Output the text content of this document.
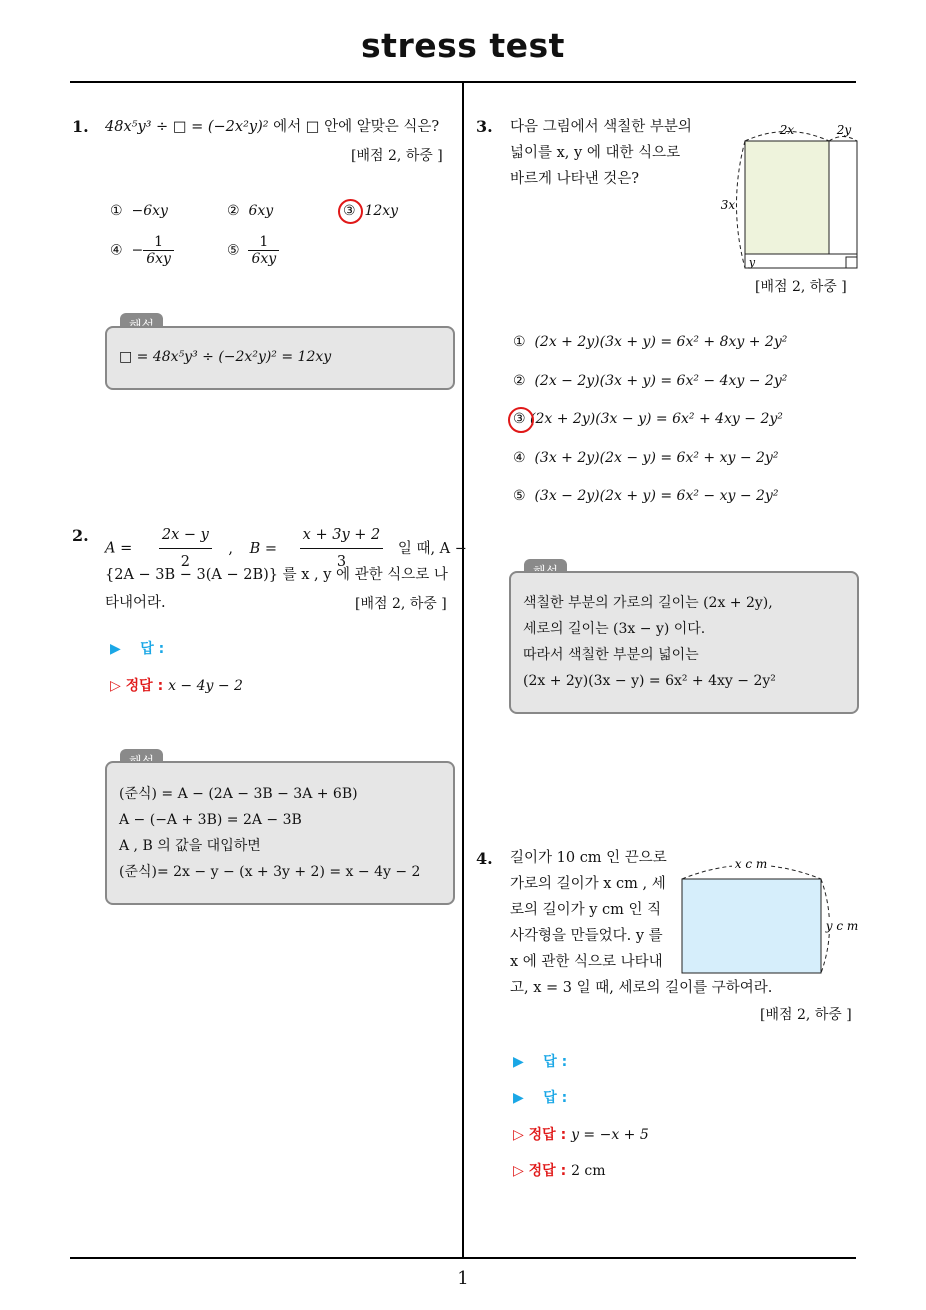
stress test
1
1. 48x⁵y³ ÷ □ = (−2x²y)² 에서 □ 안에 알맞은 식은?
[배점 2, 하중 ]
① −6xy	② 6xy	③ 12xy
④ − $\frac{1}{6xy}$	⑤ $\frac{1}{6xy}$
□ = 48x⁵y³ ÷ (−2x²y)² = 12xy
2.
$A = \frac{2x - y}{2}$ , $B = \frac{x + 3y + 2}{3}$ 일 때, A −
{2A − 3B − 3(A − 2B)} 를 x , y 에 관한 식으로 나
타내어라.	[배점 2, 하중 ]
▶ 답 :
▷ 정답 : x − 4y − 2
(준식) = A − (2A − 3B − 3A + 6B)
A − (−A + 3B) = 2A − 3B
A , B 의 값을 대입하면
(준식)= 2x − y − (x + 3y + 2) = x − 4y − 2
3. 다음 그림에서 색칠한 부분의
넓이를 x, y 에 대한 식으로
바르게 나타낸 것은?
2x	2y
3x
y
[배점 2, 하중 ]
① (2x + 2y)(3x + y) = 6x² + 8xy + 2y²
② (2x − 2y)(3x + y) = 6x² − 4xy − 2y²
③ (2x + 2y)(3x − y) = 6x² + 4xy − 2y²
④ (3x + 2y)(2x − y) = 6x² + xy − 2y²
⑤ (3x − 2y)(2x + y) = 6x² − xy − 2y²
색칠한 부분의 가로의 길이는 (2x + 2y),
세로의 길이는 (3x − y) 이다.
따라서 색칠한 부분의 넓이는
(2x + 2y)(3x − y) = 6x² + 4xy − 2y²
4. 길이가 10 cm 인 끈으로
가로의 길이가 x cm , 세
로의 길이가 y cm 인 직
사각형을 만들었다. y 를
x 에 관한 식으로 나타내
고, x = 3 일 때, 세로의 길이를 구하여라.
x c m
y c m
[배점 2, 하중 ]
▶ 답 :
▶ 답 :
▷ 정답 : y = −x + 5
▷ 정답 : 2 cm
